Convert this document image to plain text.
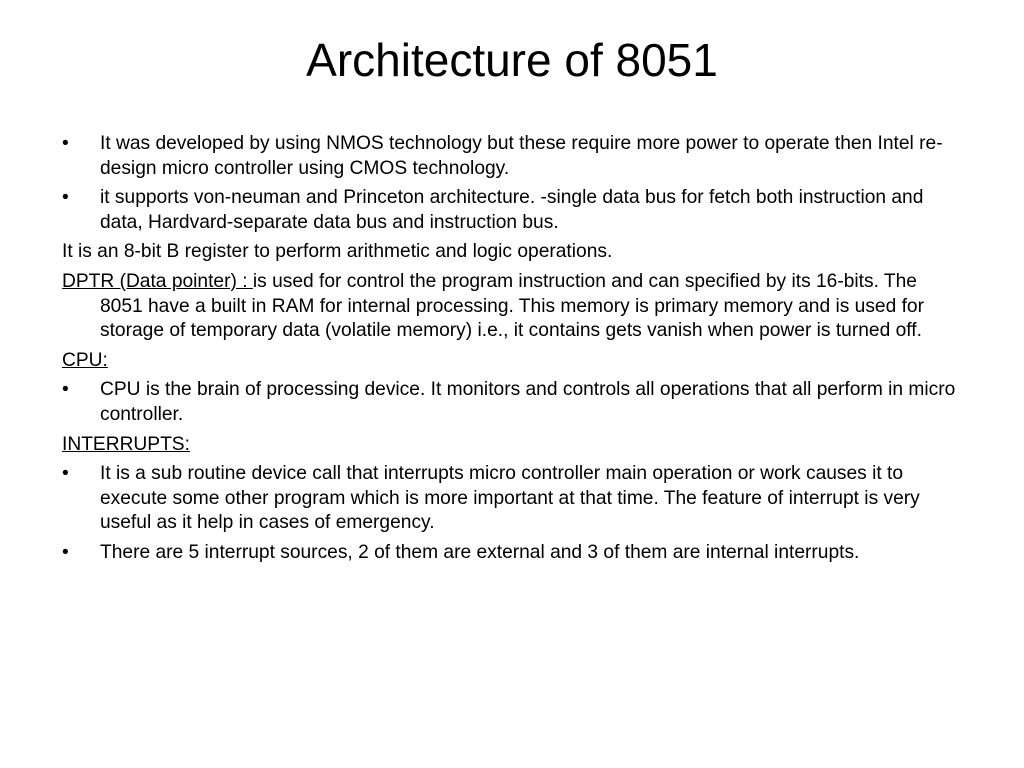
Architecture of 8051
•	It was developed by using NMOS technology but these require more power to operate then Intel re-design micro controller using CMOS technology.
•	it supports von-neuman and Princeton architecture. -single data bus for fetch both instruction and data, Hardvard-separate data bus and instruction bus.
It is an 8-bit B register to perform arithmetic and logic operations.
DPTR (Data pointer) : is used for control the program instruction and can specified by its 16-bits. The 8051 have a built in RAM for internal processing. This memory is primary memory and is used for storage of temporary data (volatile memory) i.e., it contains gets vanish when power is turned off.
CPU:
•	CPU is the brain of processing device. It monitors and controls all operations that all perform in micro controller.
INTERRUPTS:
•	It is a sub routine device call that interrupts micro controller main operation or work causes it to execute some other program which is more important at that time. The feature of interrupt is very useful as it help in cases of emergency.
•	There are 5 interrupt sources, 2 of them are external and 3 of them are internal interrupts.
